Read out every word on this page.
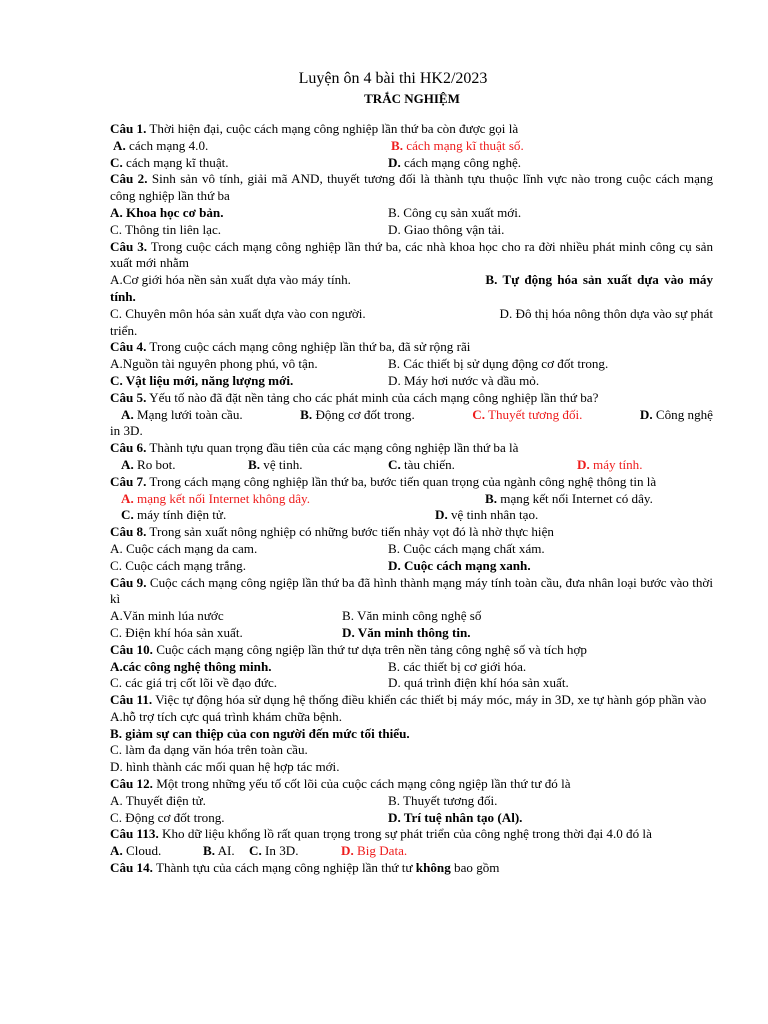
Luyện ôn 4 bài thi HK2/2023
TRẮC NGHIỆM
Câu 1. Thời hiện đại, cuộc cách mạng công nghiệp lần thứ ba còn được gọi là
A. cách mạng 4.0.	B. cách mạng kĩ thuật số.
C. cách mạng kĩ thuật.	D. cách mạng công nghệ.
Câu 2. Sinh sản vô tính, giải mã AND, thuyết tương đối là thành tựu thuộc lĩnh vực nào trong cuộc cách mạng công nghiệp lần thứ ba
A. Khoa học cơ bản.	B. Công cụ sản xuất mới.
C. Thông tin liên lạc.	D. Giao thông vận tải.
Câu 3. Trong cuộc cách mạng công nghiệp lần thứ ba, các nhà khoa học cho ra đời nhiều phát minh công cụ sản xuất mới nhằm
A.Cơ giới hóa nền sản xuất dựa vào máy tính.	B. Tự động hóa sản xuất dựa vào máy
tính.
C. Chuyên môn hóa sản xuất dựa vào con người.	D. Đô thị hóa nông thôn dựa vào sự phát
triển.
Câu 4. Trong cuộc cách mạng công nghiệp lần thứ ba, đã sử rộng rãi
A.Nguồn tài nguyên phong phú, vô tận.	B. Các thiết bị sử dụng động cơ đốt trong.
C. Vật liệu mới, năng lượng mới.	D. Máy hơi nước và dầu mỏ.
Câu 5. Yếu tố nào đã đặt nền tảng cho các phát minh của cách mạng công nghiệp lần thứ ba?
A. Mạng lưới toàn cầu.	B. Động cơ đốt trong.	C. Thuyết tương đối.	D. Công nghệ
in 3D.
Câu 6. Thành tựu quan trọng đầu tiên của các mạng công nghiệp lần thứ ba là
A. Ro bot.	B. vệ tinh.	C. tàu chiến.	D. máy tính.
Câu 7. Trong cách mạng công nghiệp lần thứ ba, bước tiến quan trọng của ngành công nghệ thông tin là
A. mạng kết nối Internet không dây.	B. mạng kết nối Internet có dây.
C. máy tính điện tử.	D. vệ tinh nhân tạo.
Câu 8. Trong sản xuất nông nghiệp có những bước tiến nhảy vọt đó là nhờ thực hiện
A. Cuộc cách mạng da cam.	B. Cuộc cách mạng chất xám.
C. Cuộc cách mạng trắng.	D. Cuộc cách mạng xanh.
Câu 9. Cuộc cách mạng công ngiệp lần thứ ba đã hình thành mạng máy tính toàn cầu, đưa nhân loại bước vào thời kì
A.Văn minh lúa nước	B. Văn minh công nghệ số
C. Điện khí hóa sản xuất.	D. Văn minh thông tin.
Câu 10. Cuộc cách mạng công ngiệp lần thứ tư dựa trên nền tảng công nghệ số và tích hợp
A.các công nghệ thông minh.	B. các thiết bị cơ giới hóa.
C. các giá trị cốt lõi về đạo đức.	D. quá trình điện khí hóa sản xuất.
Câu 11. Việc tự động hóa sử dụng hệ thống điều khiển các thiết bị máy móc, máy in 3D, xe tự hành góp phần vào
A.hỗ trợ tích cực quá trình khám chữa bệnh.
B. giảm sự can thiệp của con người đến mức tối thiểu.
C. làm đa dạng văn hóa trên toàn cầu.
D. hình thành các mối quan hệ hợp tác mới.
Câu 12. Một trong những yếu tố cốt lõi của cuộc cách mạng công ngiệp lần thứ tư đó là
A. Thuyết điện tử.	B. Thuyết tương đối.
C. Động cơ đốt trong.	D. Trí tuệ nhân tạo (Al).
Câu 113. Kho dữ liệu khổng lồ rất quan trọng trong sự phát triển của công nghệ trong thời đại 4.0 đó là
A. Cloud.	B. AI.	C. In 3D.	D. Big Data.
Câu 14. Thành tựu của cách mạng công nghiệp lần thứ tư không bao gồm
